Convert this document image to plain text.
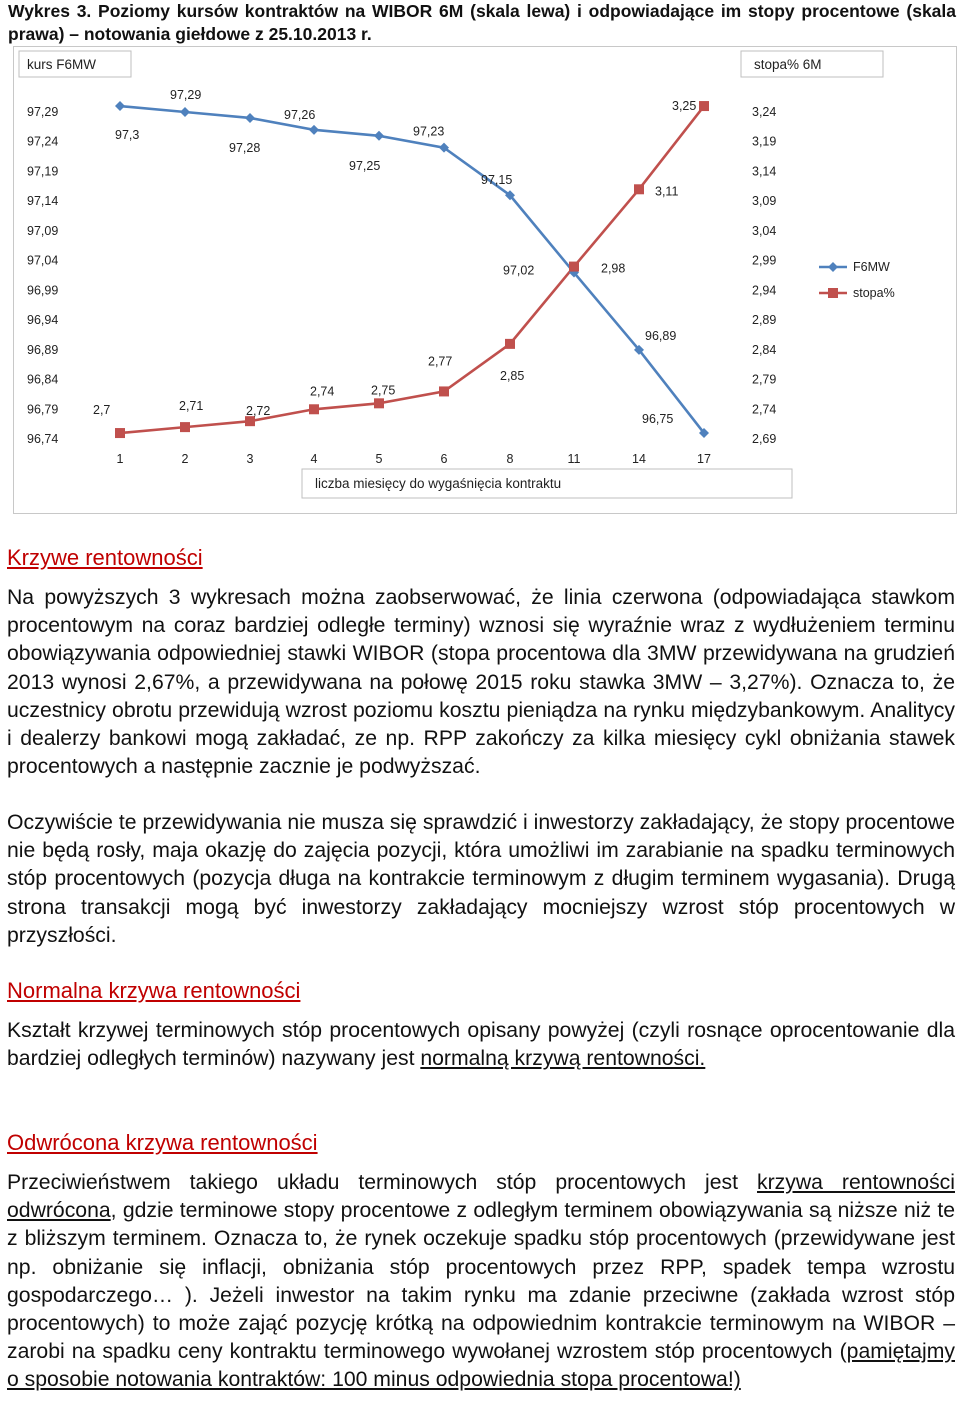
Wykres 3. Poziomy kursów kontraktów na WIBOR 6M (skala lewa) i odpowiadające im stopy procentowe (skala prawa) – notowania giełdowe z 25.10.2013 r.
kurs F6MW	stopa% 6M
liczba miesięcy do wygaśnięcia kontraktu
97,29
97,24
97,19
97,14
97,09
97,04
96,99
96,94
96,89
96,84
96,79
96,74
3,24
3,19
3,14
3,09
3,04
2,99
2,94
2,89
2,84
2,79
2,74
2,69
1	2	3	4	5	6	8	11	14	17
97,3
97,29
97,28
97,26
97,25
97,23
97,15
97,02
96,89
96,75
2,7	2,71	2,72
2,74	2,75
2,77
2,85
2,98
3,11
3,25
F6MW
stopa%
Krzywe rentowności

Na powyższych 3 wykresach można zaobserwować, że linia czerwona (odpowiadająca stawkom procentowym na coraz bardziej odległe terminy) wznosi się wyraźnie wraz z wydłużeniem terminu obowiązywania odpowiedniej stawki WIBOR (stopa procentowa dla 3MW przewidywana na grudzień 2013 wynosi 2,67%, a przewidywana na połowę 2015 roku stawka 3MW – 3,27%). Oznacza to, że uczestnicy obrotu przewidują wzrost poziomu kosztu pieniądza na rynku międzybankowym. Analitycy i dealerzy bankowi mogą zakładać, ze np. RPP zakończy za kilka miesięcy cykl obniżania stawek procentowych a następnie zacznie je podwyższać.

Oczywiście te przewidywania nie musza się sprawdzić i inwestorzy zakładający, że stopy procentowe nie będą rosły, maja okazję do zajęcia pozycji, która umożliwi im zarabianie na spadku terminowych stóp procentowych (pozycja długa na kontrakcie terminowym z długim terminem wygasania). Drugą strona transakcji mogą być inwestorzy zakładający mocniejszy wzrost stóp procentowych w przyszłości.

Normalna krzywa rentowności

Kształt krzywej terminowych stóp procentowych opisany powyżej (czyli rosnące oprocentowanie dla bardziej odległych terminów) nazywany jest normalną krzywą rentowności.

Odwrócona krzywa rentowności

Przeciwieństwem takiego układu terminowych stóp procentowych jest krzywa rentowności odwrócona, gdzie terminowe stopy procentowe z odległym terminem obowiązywania są niższe niż te z bliższym terminem. Oznacza to, że rynek oczekuje spadku stóp procentowych (przewidywane jest np. obniżanie się inflacji, obniżania stóp procentowych przez RPP, spadek tempa wzrostu gospodarczego… ). Jeżeli inwestor na takim rynku ma zdanie przeciwne (zakłada wzrost stóp procentowych) to może zająć pozycję krótką na odpowiednim kontrakcie terminowym na WIBOR – zarobi na spadku ceny kontraktu terminowego wywołanej wzrostem stóp procentowych (pamiętajmy o sposobie notowania kontraktów: 100 minus odpowiednia stopa procentowa!)
